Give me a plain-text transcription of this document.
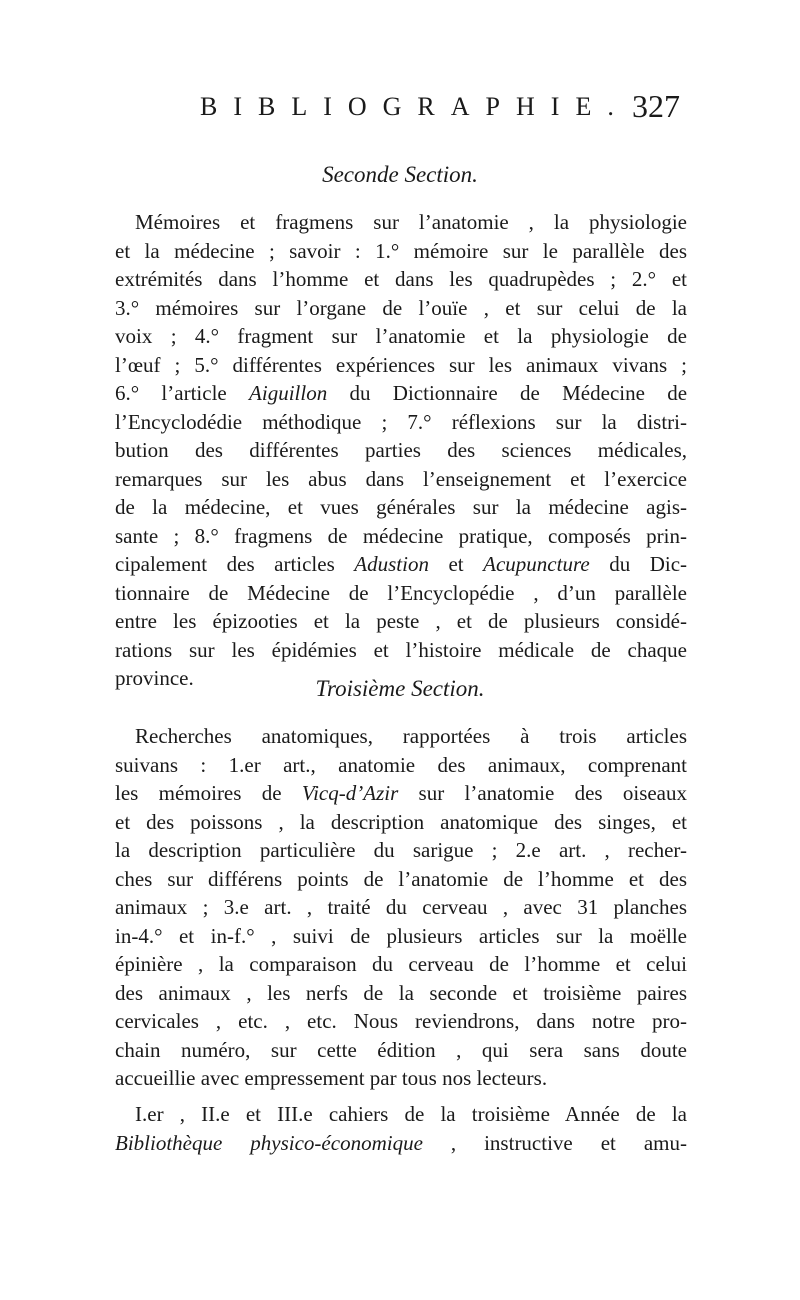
BIBLIOGRAPHIE. 327
Seconde Section.
Mémoires et fragmens sur l’anatomie , la physiologie
et la médecine ; savoir : 1.° mémoire sur le parallèle des
extrémités dans l’homme et dans les quadrupèdes ; 2.° et
3.° mémoires sur l’organe de l’ouïe , et sur celui de la
voix ; 4.° fragment sur l’anatomie et la physiologie de
l’œuf ; 5.° différentes expériences sur les animaux vivans ;
6.° l’article Aiguillon du Dictionnaire de Médecine de
l’Encyclodédie méthodique ; 7.° réflexions sur la distri-
bution des différentes parties des sciences médicales,
remarques sur les abus dans l’enseignement et l’exercice
de la médecine, et vues générales sur la médecine agis-
sante ; 8.° fragmens de médecine pratique, composés prin-
cipalement des articles Adustion et Acupuncture du Dic-
tionnaire de Médecine de l’Encyclopédie , d’un parallèle
entre les épizooties et la peste , et de plusieurs considé-
rations sur les épidémies et l’histoire médicale de chaque
province.	Troisième Section.
Recherches anatomiques, rapportées à trois articles
suivans : 1.er art., anatomie des animaux, comprenant
les mémoires de Vicq-d’Azir sur l’anatomie des oiseaux
et des poissons , la description anatomique des singes, et
la description particulière du sarigue ; 2.e art. , recher-
ches sur différens points de l’anatomie de l’homme et des
animaux ; 3.e art. , traité du cerveau , avec 31 planches
in-4.° et in-f.° , suivi de plusieurs articles sur la moëlle
épinière , la comparaison du cerveau de l’homme et celui
des animaux , les nerfs de la seconde et troisième paires
cervicales , etc. , etc. Nous reviendrons, dans notre pro-
chain numéro, sur cette édition , qui sera sans doute
accueillie avec empressement par tous nos lecteurs.
I.er , II.e et III.e cahiers de la troisième Année de la
Bibliothèque physico-économique , instructive et amu-
